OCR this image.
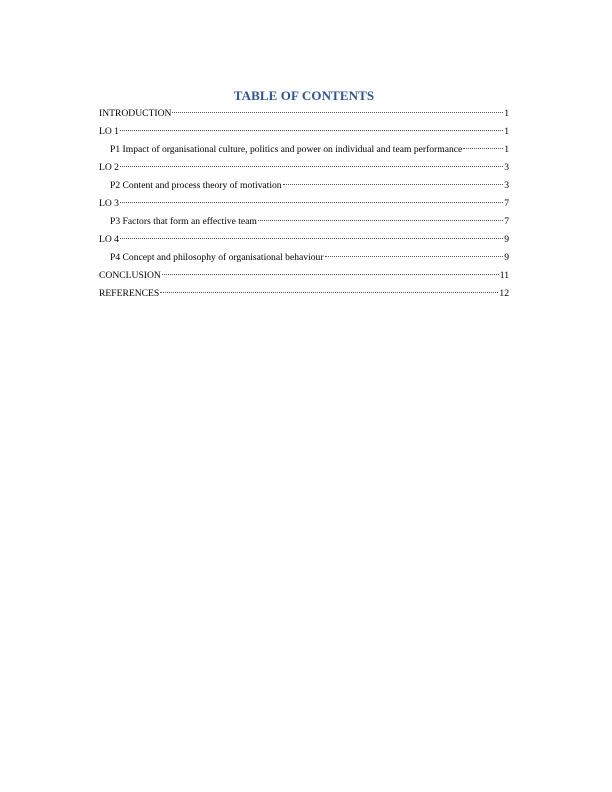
TABLE OF CONTENTS
INTRODUCTION	1
LO 1	1
P1 Impact of organisational culture, politics and power on individual and team performance	1
LO 2	3
P2 Content and process theory of motivation	3
LO 3	7
P3 Factors that form an effective team	7
LO 4	9
P4 Concept and philosophy of organisational behaviour	9
CONCLUSION	11
REFERENCES	12
